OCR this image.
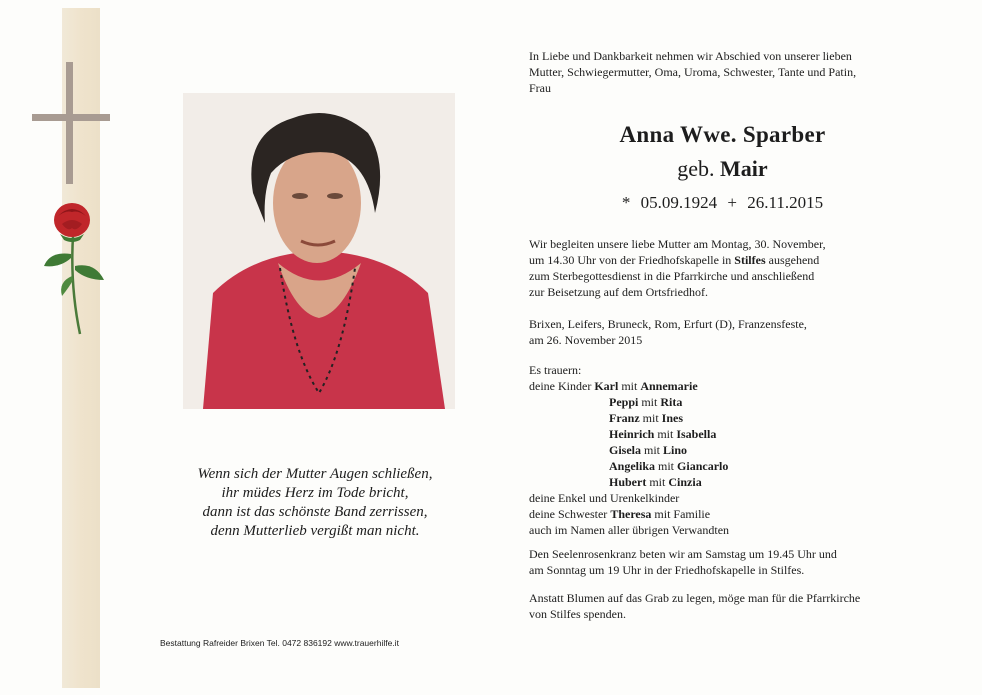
Wenn sich der Mutter Augen schließen,
ihr müdes Herz im Tode bricht,
dann ist das schönste Band zerrissen,
denn Mutterlieb vergißt man nicht.
Bestattung Rafreider Brixen Tel. 0472 836192 www.trauerhilfe.it
In Liebe und Dankbarkeit nehmen wir Abschied von unserer lieben
Mutter, Schwiegermutter, Oma, Uroma, Schwester, Tante und Patin,
Frau
Anna Wwe. Sparber
geb. Mair
* 05.09.1924 + 26.11.2015
Wir begleiten unsere liebe Mutter am Montag, 30. November,
um 14.30 Uhr von der Friedhofskapelle in Stilfes ausgehend
zum Sterbegottesdienst in die Pfarrkirche und anschließend
zur Beisetzung auf dem Ortsfriedhof.
Brixen, Leifers, Bruneck, Rom, Erfurt (D), Franzensfeste,
am 26. November 2015
Es trauern:
deine Kinder Karl mit Annemarie
Peppi mit Rita
Franz mit Ines
Heinrich mit Isabella
Gisela mit Lino
Angelika mit Giancarlo
Hubert mit Cinzia
deine Enkel und Urenkelkinder
deine Schwester Theresa mit Familie
auch im Namen aller übrigen Verwandten
Den Seelenrosenkranz beten wir am Samstag um 19.45 Uhr und
am Sonntag um 19 Uhr in der Friedhofskapelle in Stilfes.
Anstatt Blumen auf das Grab zu legen, möge man für die Pfarrkirche
von Stilfes spenden.
